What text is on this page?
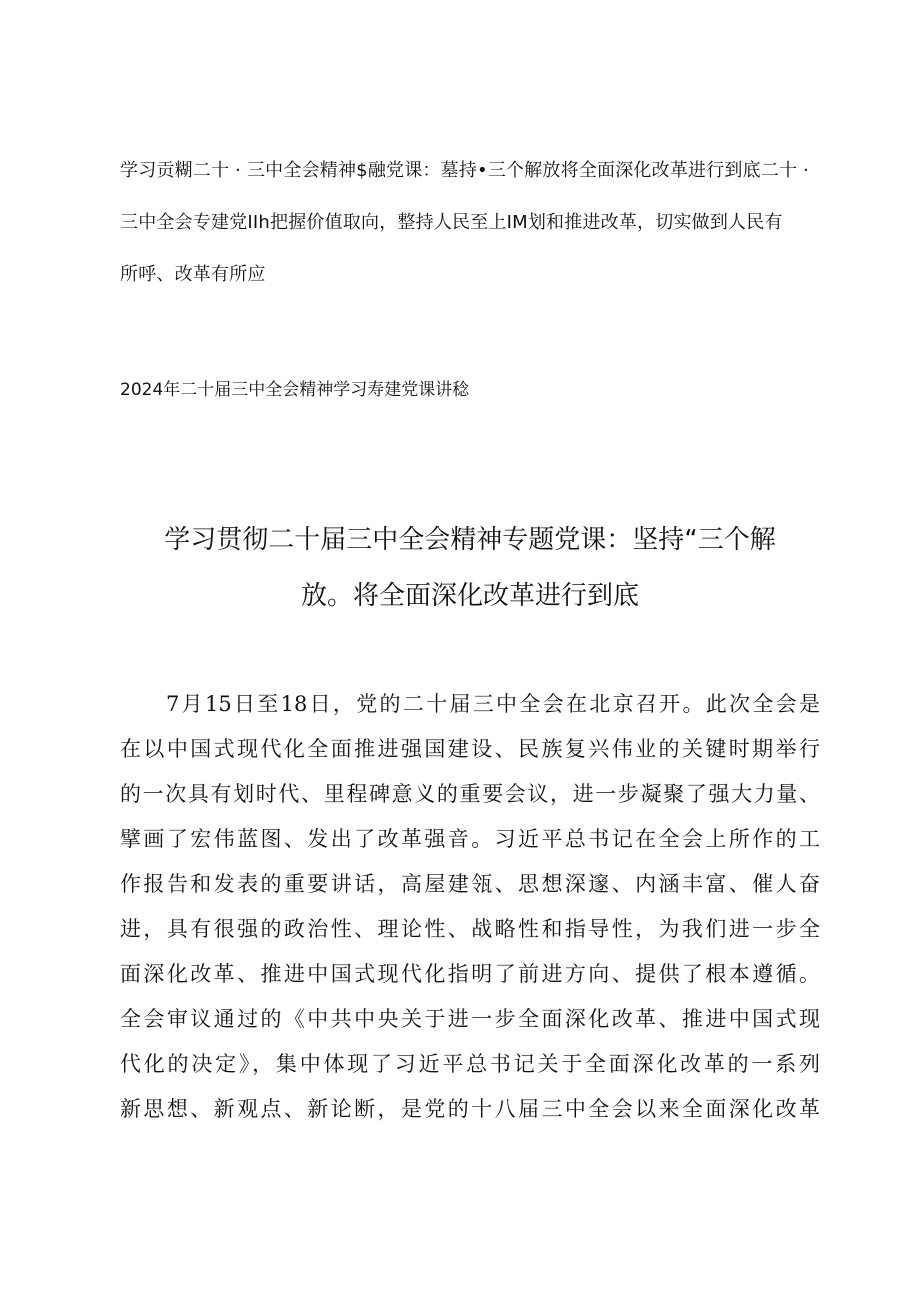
学习贡糊二十 · 三中全会精神$融党课：墓持•三个解放将全面深化改革进行到底二十 ·
三中全会专建党IIh把握价值取向，整持人民至上IM划和推进改革，切实做到人民有
所呼、改革有所应
2024年二十届三中全会精神学习寿建党课讲稔
学习贯彻二十届三中全会精神专题党课：坚持“三个解
放。将全面深化改革进行到底
7月15日至18日，党的二十届三中全会在北京召开。此次全会是
在以中国式现代化全面推进强国建设、民族复兴伟业的关键时期举行
的一次具有划时代、里程碑意义的重要会议，进一步凝聚了强大力量、
擘画了宏伟蓝图、发出了改革强音。习近平总书记在全会上所作的工
作报告和发表的重要讲话，高屋建瓴、思想深邃、内涵丰富、催人奋
进，具有很强的政治性、理论性、战略性和指导性，为我们进一步全
面深化改革、推进中国式现代化指明了前进方向、提供了根本遵循。
全会审议通过的《中共中央关于进一步全面深化改革、推进中国式现
代化的决定》，集中体现了习近平总书记关于全面深化改革的一系列
新思想、新观点、新论断，是党的十八届三中全会以来全面深化改革
